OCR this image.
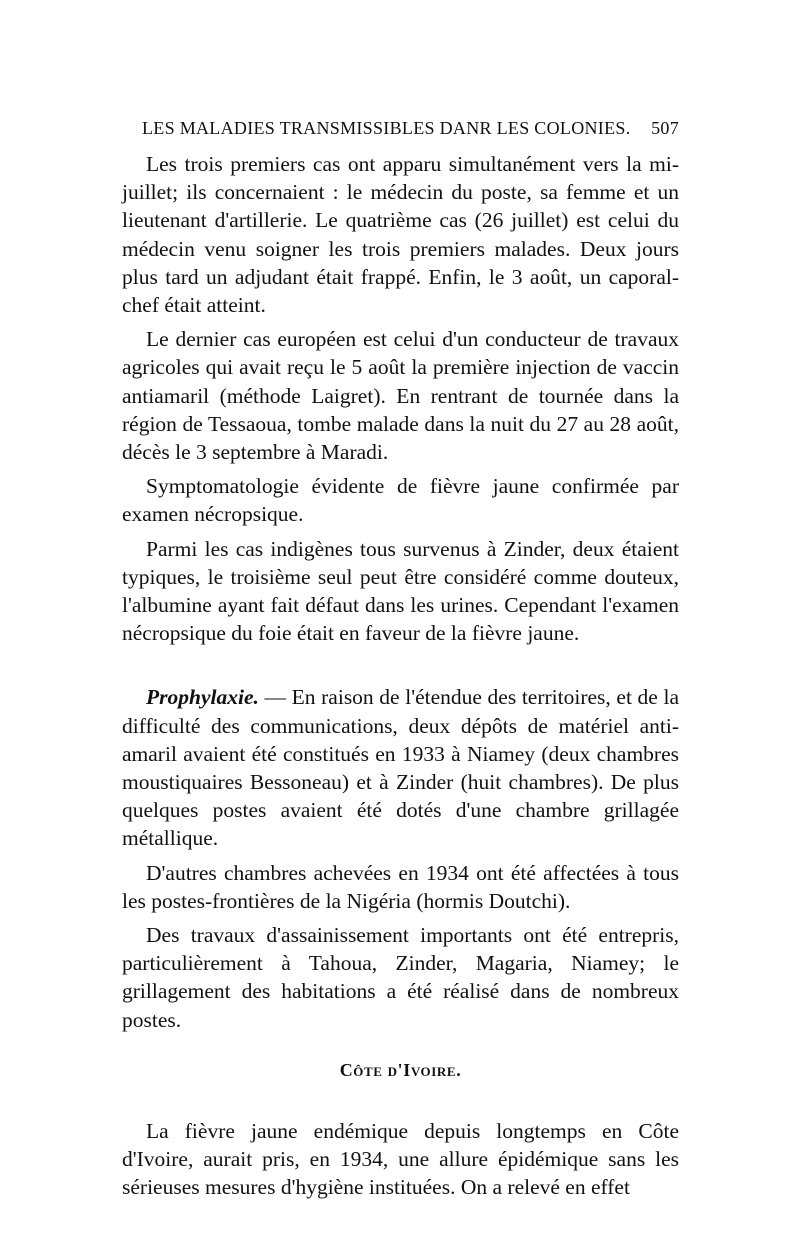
LES MALADIES TRANSMISSIBLES DANR LES COLONIES. 507

Les trois premiers cas ont apparu simultanément vers la mi-juillet; ils concernaient : le médecin du poste, sa femme et un lieutenant d'artillerie. Le quatrième cas (26 juillet) est celui du médecin venu soigner les trois premiers malades. Deux jours plus tard un adjudant était frappé. Enfin, le 3 août, un caporal-chef était atteint.

Le dernier cas européen est celui d'un conducteur de travaux agricoles qui avait reçu le 5 août la première injection de vaccin antiamaril (méthode Laigret). En rentrant de tournée dans la région de Tessaoua, tombe malade dans la nuit du 27 au 28 août, décès le 3 septembre à Maradi.

Symptomatologie évidente de fièvre jaune confirmée par examen nécropsique.

Parmi les cas indigènes tous survenus à Zinder, deux étaient typiques, le troisième seul peut être considéré comme douteux, l'albumine ayant fait défaut dans les urines. Cependant l'examen nécropsique du foie était en faveur de la fièvre jaune.

Prophylaxie. — En raison de l'étendue des territoires, et de la difficulté des communications, deux dépôts de matériel anti-amaril avaient été constitués en 1933 à Niamey (deux chambres moustiquaires Bessoneau) et à Zinder (huit chambres). De plus quelques postes avaient été dotés d'une chambre grillagée métallique.

D'autres chambres achevées en 1934 ont été affectées à tous les postes-frontières de la Nigéria (hormis Doutchi).

Des travaux d'assainissement importants ont été entrepris, particulièrement à Tahoua, Zinder, Magaria, Niamey; le grillagement des habitations a été réalisé dans de nombreux postes.

Côte d'Ivoire.

La fièvre jaune endémique depuis longtemps en Côte d'Ivoire, aurait pris, en 1934, une allure épidémique sans les sérieuses mesures d'hygiène instituées. On a relevé en effet
